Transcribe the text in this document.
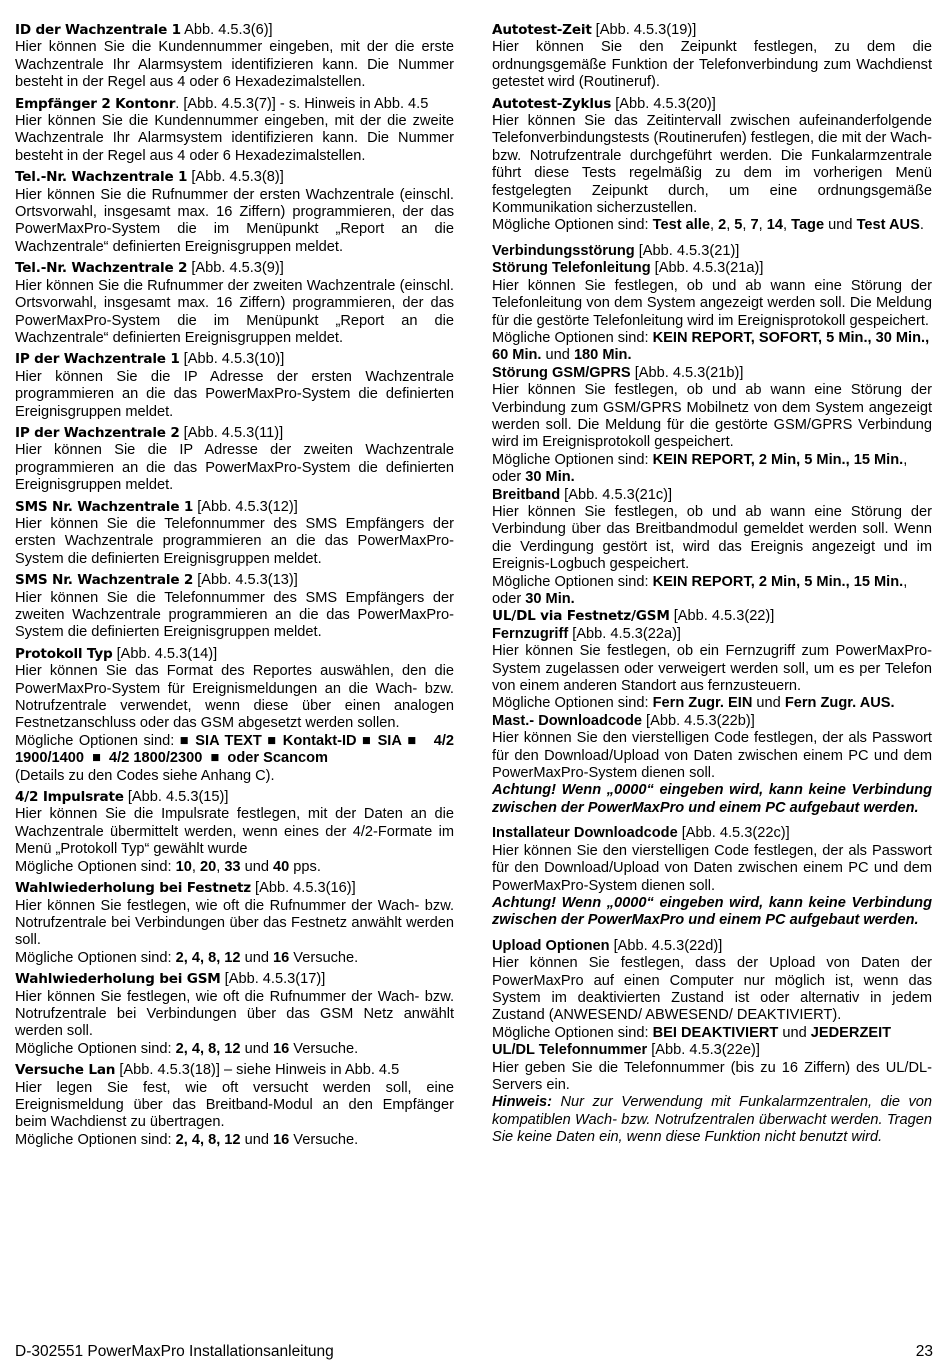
ID der Wachzentrale 1 Abb. 4.5.3(6)]
Hier können Sie die Kundennummer eingeben, mit der die erste Wachzentrale Ihr Alarmsystem identifizieren kann. Die Nummer besteht in der Regel aus 4 oder 6 Hexadezimalstellen.
Empfänger 2 Kontonr. [Abb. 4.5.3(7)] - s. Hinweis in Abb. 4.5
Hier können Sie die Kundennummer eingeben, mit der die zweite Wachzentrale Ihr Alarmsystem identifizieren kann. Die Nummer besteht in der Regel aus 4 oder 6 Hexadezimalstellen.
Tel.-Nr. Wachzentrale 1 [Abb. 4.5.3(8)]
Hier können Sie die Rufnummer der ersten Wachzentrale (einschl. Ortsvorwahl, insgesamt max. 16 Ziffern) programmieren, der das PowerMaxPro-System die im Menüpunkt „Report an die Wachzentrale“ definierten Ereignisgruppen meldet.
Tel.-Nr. Wachzentrale 2 [Abb. 4.5.3(9)]
Hier können Sie die Rufnummer der zweiten Wachzentrale (einschl. Ortsvorwahl, insgesamt max. 16 Ziffern) programmieren, der das PowerMaxPro-System die im Menüpunkt „Report an die Wachzentrale“ definierten Ereignisgruppen meldet.
IP der Wachzentrale 1 [Abb. 4.5.3(10)]
Hier können Sie die IP Adresse der ersten Wachzentrale programmieren an die das PowerMaxPro-System die definierten Ereignisgruppen meldet.
IP der Wachzentrale 2 [Abb. 4.5.3(11)]
Hier können Sie die IP Adresse der zweiten Wachzentrale programmieren an die das PowerMaxPro-System die definierten Ereignisgruppen meldet.
SMS Nr. Wachzentrale 1 [Abb. 4.5.3(12)]
Hier können Sie die Telefonnummer des SMS Empfängers der ersten Wachzentrale programmieren an die das PowerMaxPro-System die definierten Ereignisgruppen meldet.
SMS Nr. Wachzentrale 2 [Abb. 4.5.3(13)]
Hier können Sie die Telefonnummer des SMS Empfängers der zweiten Wachzentrale programmieren an die das PowerMaxPro-System die definierten Ereignisgruppen meldet.
Protokoll Typ [Abb. 4.5.3(14)]
Hier können Sie das Format des Reportes auswählen, den die PowerMaxPro-System für Ereignismeldungen an die Wach- bzw. Notrufzentrale verwendet, wenn diese über einen analogen Festnetzanschluss oder das GSM abgesetzt werden sollen.
Mögliche Optionen sind: ■ SIA TEXT ■ Kontakt-ID ■ SIA ■   4/2 1900/1400  ■  4/2 1800/2300  ■  oder Scancom
(Details zu den Codes siehe Anhang C).
4/2 Impulsrate [Abb. 4.5.3(15)]
Hier können Sie die Impulsrate festlegen, mit der Daten an die Wachzentrale übermittelt werden, wenn eines der 4/2-Formate im Menü „Protokoll Typ“ gewählt wurde
Mögliche Optionen sind: 10, 20, 33 und 40 pps.
Wahlwiederholung bei Festnetz [Abb. 4.5.3(16)]
Hier können Sie festlegen, wie oft die Rufnummer der Wach- bzw. Notrufzentrale bei Verbindungen über das Festnetz anwählt werden soll.
Mögliche Optionen sind: 2, 4, 8, 12 und 16 Versuche.
Wahlwiederholung bei GSM [Abb. 4.5.3(17)]
Hier können Sie festlegen, wie oft die Rufnummer der Wach- bzw. Notrufzentrale bei Verbindungen über das GSM Netz anwählt werden soll.
Mögliche Optionen sind: 2, 4, 8, 12 und 16 Versuche.
Versuche Lan [Abb. 4.5.3(18)] – siehe Hinweis in Abb. 4.5
Hier legen Sie fest, wie oft versucht werden soll, eine Ereignismeldung über das Breitband-Modul an den Empfänger beim Wachdienst zu übertragen.
Mögliche Optionen sind: 2, 4, 8, 12 und 16 Versuche.
Autotest-Zeit [Abb. 4.5.3(19)]
Hier können Sie den Zeipunkt festlegen, zu dem die ordnungsgemäße Funktion der Telefonverbindung zum Wachdienst getestet wird (Routineruf).
Autotest-Zyklus [Abb. 4.5.3(20)]
Hier können Sie das Zeitintervall zwischen aufeinanderfolgende Telefonverbindungstests (Routinerufen) festlegen, die mit der Wach- bzw. Notrufzentrale durchgeführt werden. Die Funkalarmzentrale führt diese Tests regelmäßig zu dem im vorherigen Menü festgelegten Zeipunkt durch, um eine ordnungsgemäße Kommunikation sicherzustellen.
Mögliche Optionen sind: Test alle, 2, 5, 7, 14, Tage und Test AUS.
Verbindungsstörung [Abb. 4.5.3(21)]
Störung Telefonleitung [Abb. 4.5.3(21a)]
Hier können Sie festlegen, ob und ab wann eine Störung der Telefonleitung von dem System angezeigt werden soll. Die Meldung für die gestörte Telefonleitung wird im Ereignisprotokoll gespeichert.
Mögliche Optionen sind: KEIN REPORT, SOFORT, 5 Min., 30 Min., 60 Min. und 180 Min.
Störung GSM/GPRS [Abb. 4.5.3(21b)]
Hier können Sie festlegen, ob und ab wann eine Störung der Verbindung zum GSM/GPRS Mobilnetz von dem System angezeigt werden soll. Die Meldung für die gestörte GSM/GPRS Verbindung wird im Ereignisprotokoll gespeichert.
Mögliche Optionen sind: KEIN REPORT, 2 Min, 5 Min., 15 Min., oder 30 Min.
Breitband [Abb. 4.5.3(21c)]
Hier können Sie festlegen, ob und ab wann eine Störung der Verbindung über das Breitbandmodul gemeldet werden soll. Wenn die Verdingung gestört ist, wird das Ereignis angezeigt und im Ereignis-Logbuch gespeichert.
Mögliche Optionen sind: KEIN REPORT, 2 Min, 5 Min., 15 Min., oder 30 Min.
UL/DL via Festnetz/GSM [Abb. 4.5.3(22)]
Fernzugriff [Abb. 4.5.3(22a)]
Hier können Sie festlegen, ob ein Fernzugriff zum PowerMaxPro-System zugelassen oder verweigert werden soll, um es per Telefon von einem anderen Standort aus fernzusteuern.
Mögliche Optionen sind: Fern Zugr. EIN und Fern Zugr. AUS.
Mast.- Downloadcode [Abb. 4.5.3(22b)]
Hier können Sie den vierstelligen Code festlegen, der als Passwort für den Download/Upload von Daten zwischen einem PC und dem PowerMaxPro-System dienen soll.
Achtung! Wenn „0000“ eingeben wird, kann keine Verbindung zwischen der PowerMaxPro und einem PC aufgebaut werden.
Installateur Downloadcode [Abb. 4.5.3(22c)]
Hier können Sie den vierstelligen Code festlegen, der als Passwort für den Download/Upload von Daten zwischen einem PC und dem PowerMaxPro-System dienen soll.
Achtung! Wenn „0000“ eingeben wird, kann keine Verbindung zwischen der PowerMaxPro und einem PC aufgebaut werden.
Upload Optionen [Abb. 4.5.3(22d)]
Hier können Sie festlegen, dass der Upload von Daten der PowerMaxPro auf einen Computer nur möglich ist, wenn das System im deaktivierten Zustand ist oder alternativ in jedem Zustand (ANWESEND/ ABWESEND/ DEAKTIVIERT).
Mögliche Optionen sind: BEI DEAKTIVIERT und JEDERZEIT
UL/DL Telefonnummer [Abb. 4.5.3(22e)]
Hier geben Sie die Telefonnummer (bis zu 16 Ziffern) des UL/DL-Servers ein.
Hinweis: Nur zur Verwendung mit Funkalarmzentralen, die von kompatiblen Wach- bzw. Notrufzentralen überwacht werden. Tragen Sie keine Daten ein, wenn diese Funktion nicht benutzt wird.
D-302551 PowerMaxPro Installationsanleitung	23
